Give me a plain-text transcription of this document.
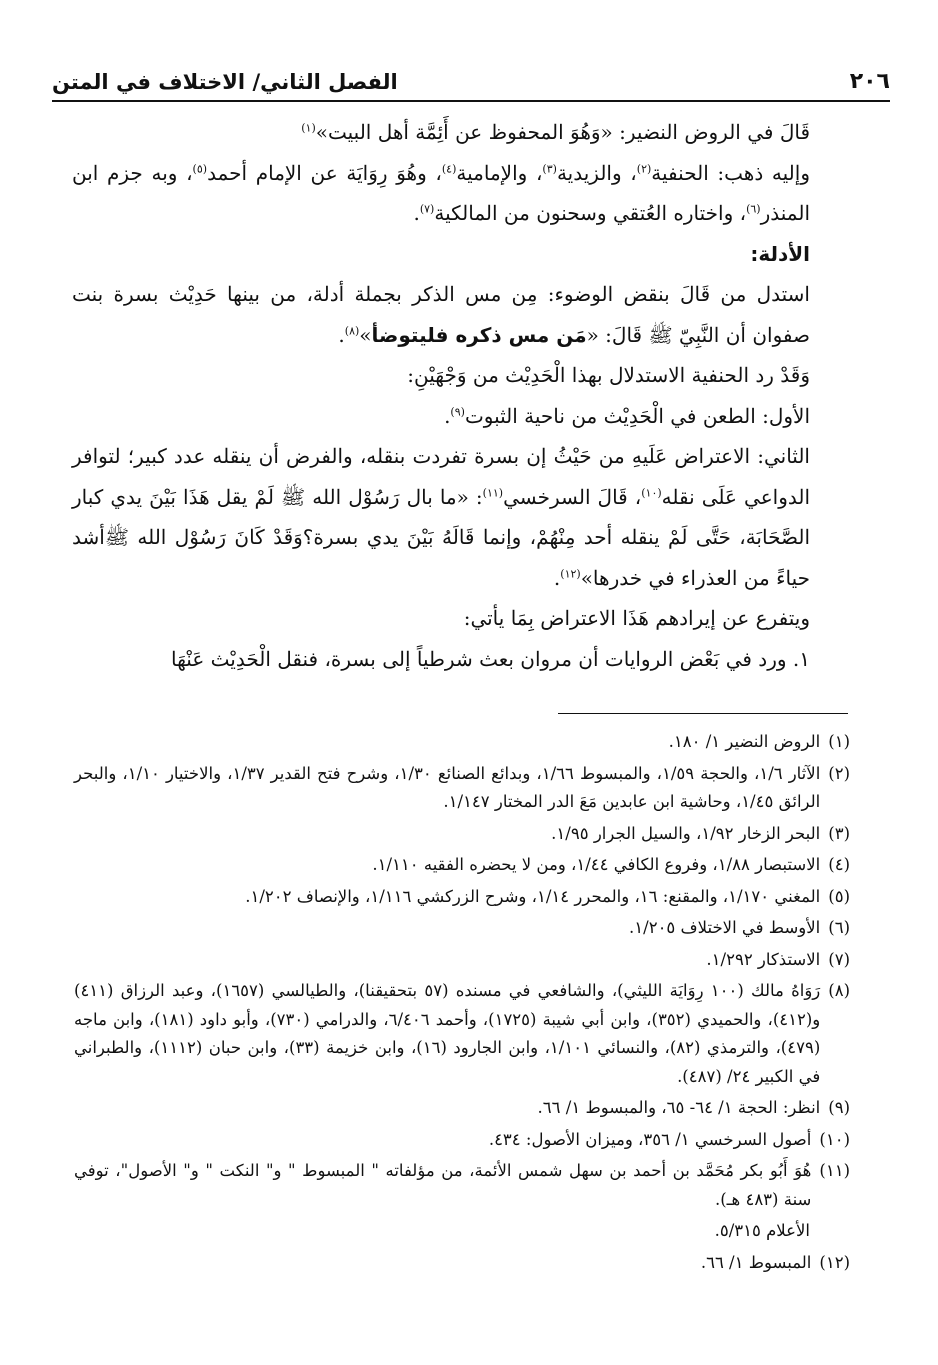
٢٠٦
الفصل الثاني/ الاختلاف في المتن

قَالَ في الروض النضير: «وَهُوَ المحفوظ عن أَئِمَّة أهل البيت»$^{(١)}$

وإليه ذهب: الحنفية$^{(٢)}$، والزيدية$^{(٣)}$، والإمامية$^{(٤)}$، وهُوَ رِوَايَة عن الإمام أحمد$^{(٥)}$، وبه جزم ابن المنذر$^{(٦)}$، واختاره العُتقي وسحنون من المالكية$^{(٧)}$.

الأدلة:

استدل من قَالَ بنقض الوضوء: مِن مس الذكر بجملة أدلة، من بينها حَدِيْث بسرة بنت صفوان أن النَّبِيّ ﷺ قَالَ: «مَن مس ذكره فليتوضأ»$^{(٨)}$.

وَقَدْ رد الحنفية الاستدلال بهذا الْحَدِيْث من وَجْهَيْنِ:

الأول: الطعن في الْحَدِيْث من ناحية الثبوت$^{(٩)}$.

الثاني: الاعتراض عَلَيهِ من حَيْثُ إن بسرة تفردت بنقله، والفرض أن ينقله عدد كبير؛ لتوافر الدواعي عَلَى نقله$^{(١٠)}$، قَالَ السرخسي$^{(١١)}$: «ما بال رَسُوْل الله ﷺ لَمْ يقل هَذَا بَيْنَ يدي كبار الصَّحَابَة، حَتَّى لَمْ ينقله أحد مِنْهُمْ، وإنما قَالَهُ بَيْنَ يدي بسرة؟وَقَدْ كَانَ رَسُوْل الله ﷺأشد حياءً من العذراء في خدرها»$^{(١٢)}$.

ويتفرع عن إيرادهم هَذَا الاعتراض بِمَا يأتي:

١. ورد في بَعْض الروايات أن مروان بعث شرطياً إلى بسرة، فنقل الْحَدِيْث عَنْهَا

(١)
الروض النضير ١/ ١٨٠.
(٢)
الآثار ١/٦، والحجة ١/٥٩، والمبسوط ١/٦٦، وبدائع الصنائع ١/٣٠، وشرح فتح القدير ١/٣٧، والاختيار ١/١٠، والبحر الرائق ١/٤٥، وحاشية ابن عابدين مَعَ الدر المختار ١/١٤٧.
(٣)
البحر الزخار ١/٩٢، والسيل الجرار ١/٩٥.
(٤)
الاستبصار ١/٨٨، وفروع الكافي ١/٤٤، ومن لا يحضره الفقيه ١/١١٠.
(٥)
المغني ١/١٧٠، والمقنع: ١٦، والمحرر ١/١٤، وشرح الزركشي ١/١١٦، والإنصاف ١/٢٠٢.
(٦)
الأوسط في الاختلاف ١/٢٠٥.
(٧)
الاستذكار ١/٢٩٢.
(٨)
رَوَاهُ مالك (١٠٠ رِوَايَة الليثي)، والشافعي في مسنده (٥٧ بتحقيقنا)، والطيالسي (١٦٥٧)، وعبد الرزاق (٤١١) و(٤١٢)، والحميدي (٣٥٢)، وابن أبي شيبة (١٧٢٥)، وأحمد ٦/٤٠٦، والدرامي (٧٣٠)، وأبو داود (١٨١)، وابن ماجه (٤٧٩)، والترمذي (٨٢)، والنسائي ١/١٠١، وابن الجارود (١٦)، وابن خزيمة (٣٣)، وابن حبان (١١١٢)، والطبراني في الكبير ٢٤/ (٤٨٧).
(٩)
انظر: الحجة ١/ ٦٤- ٦٥، والمبسوط ١/ ٦٦.
(١٠)
أصول السرخسي ١/ ٣٥٦، وميزان الأصول: ٤٣٤.
(١١)
هُوَ أَبُو بكر مُحَمَّد بن أحمد بن سهل شمس الأئمة، من مؤلفاته " المبسوط " و" النكت " و" الأصول"، توفي سنة (٤٨٣ هـ).
الأعلام ٥/٣١٥.
(١٢)
المبسوط ١/ ٦٦.
